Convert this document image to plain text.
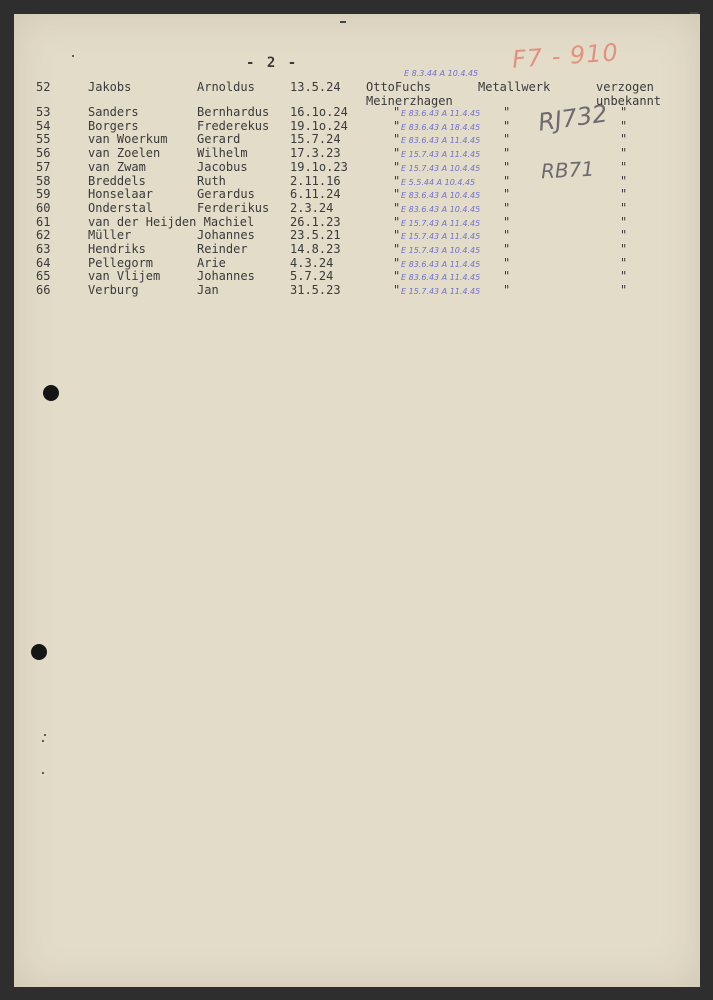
- 2 -	F7 - 910
RJ732
RB71
52	Jakobs	Arnoldus	13.5.24 OttoFuchs	Metallwerk	verzogen
Meinerzhagen	unbekannt
E 8.3.44 A 10.4.45
53	Sanders	Bernhardus 16.1o.24	" E 83.6.43 A 11.4.45 "	"
54	Borgers	Frederekus 19.1o.24	" E 83.6.43 A 18.4.45 "	"
55	van Woerkum Gerard	15.7.24	" E 83.6.43 A 11.4.45 "	"
56	van Zoelen	Wilhelm	17.3.23	" E 15.7.43 A 11.4.45 "	"
57	van Zwam	Jacobus	19.1o.23	" E 15.7.43 A 10.4.45 "	"
58	Breddels	Ruth	2.11.16	" E 5.5.44 A 10.4.45 "	"
59	Honselaar	Gerardus	6.11.24	" E 83.6.43 A 10.4.45 "	"
60	Onderstal	Ferderikus 2.3.24	" E 83.6.43 A 10.4.45 "	"
61	van der Heijden Machiel	26.1.23	" E 15.7.43 A 11.4.45 "	"
62	Müller	Johannes	23.5.21	" E 15.7.43 A 11.4.45 "	"
63	Hendriks	Reinder	14.8.23	" E 15.7.43 A 10.4.45 "	"
64	Pellegorm	Arie	4.3.24	" E 83.6.43 A 11.4.45 "	"
65	van Vlijem	Johannes	5.7.24	" E 83.6.43 A 11.4.45 "	"
66	Verburg	Jan	31.5.23	" E 15.7.43 A 11.4.45 "	"
